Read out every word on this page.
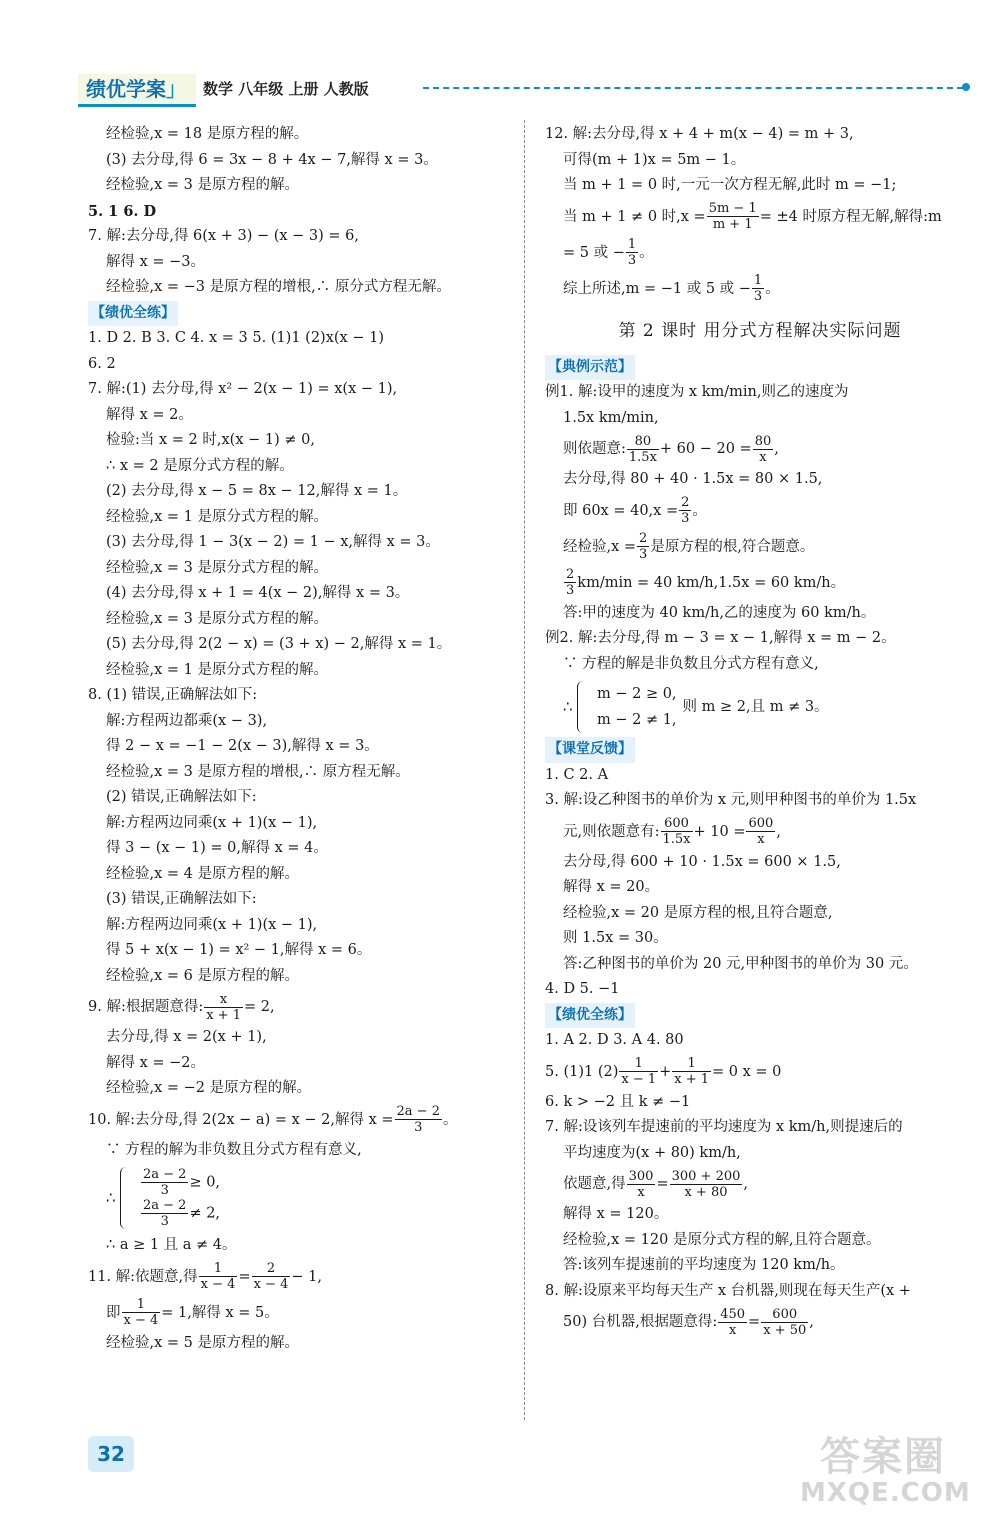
绩优学案」	数学 八年级 上册 人教版
经检验,x = 18 是原方程的解。
(3) 去分母,得 6 = 3x − 8 + 4x − 7,解得 x = 3。
经检验,x = 3 是原方程的解。
5. 1 6. D
7. 解:去分母,得 6(x + 3) − (x − 3) = 6,
解得 x = −3。
经检验,x = −3 是原方程的增根,∴ 原分式方程无解。
【绩优全练】
1. D 2. B 3. C 4. x = 3 5. (1)1 (2)x(x − 1)
6. 2
7. 解:(1) 去分母,得 x² − 2(x − 1) = x(x − 1),
解得 x = 2。
检验:当 x = 2 时,x(x − 1) ≠ 0,
∴ x = 2 是原分式方程的解。
(2) 去分母,得 x − 5 = 8x − 12,解得 x = 1。
经检验,x = 1 是原分式方程的解。
(3) 去分母,得 1 − 3(x − 2) = 1 − x,解得 x = 3。
经检验,x = 3 是原分式方程的解。
(4) 去分母,得 x + 1 = 4(x − 2),解得 x = 3。
经检验,x = 3 是原分式方程的解。
(5) 去分母,得 2(2 − x) = (3 + x) − 2,解得 x = 1。
经检验,x = 1 是原分式方程的解。
8. (1) 错误,正确解法如下:
解:方程两边都乘(x − 3),
得 2 − x = −1 − 2(x − 3),解得 x = 3。
经检验,x = 3 是原方程的增根,∴ 原方程无解。
(2) 错误,正确解法如下:
解:方程两边同乘(x + 1)(x − 1),
得 3 − (x − 1) = 0,解得 x = 4。
经检验,x = 4 是原方程的解。
(3) 错误,正确解法如下:
解:方程两边同乘(x + 1)(x − 1),
得 5 + x(x − 1) = x² − 1,解得 x = 6。
经检验,x = 6 是原方程的解。
9. 解:根据题意得: $\frac{x}{x + 1} = 2$,
去分母,得 x = 2(x + 1),
解得 x = −2。
经检验,x = −2 是原方程的解。
10. 解:去分母,得 2(2x − a) = x − 2,解得 $x = \frac{2a - 2}{3}$ 。
∵ 方程的解为非负数且分式方程有意义,
∴ $\frac{2a - 2}{3} \ge 0$,
$\frac{2a - 2}{3} \ne 2$,
∴ a ≥ 1 且 a ≠ 4。
11. 解:依题意,得 $\frac{1}{x - 4} = \frac{2}{x - 4} - 1$,
即 $\frac{1}{x - 4} = 1$,解得 x = 5。
经检验,x = 5 是原方程的解。
12. 解:去分母,得 x + 4 + m(x − 4) = m + 3,
可得(m + 1)x = 5m − 1。
当 m + 1 = 0 时,一元一次方程无解,此时 m = −1;
当 m + 1 ≠ 0 时$,x = \frac{5m - 1}{m + 1} = \pm 4$ 时原方程无解,解得:m
= 5 或 − $\frac{1}{3}$ 。
综上所述,m = −1 或 5 或 − $\frac{1}{3}$ 。
第 2 课时 用分式方程解决实际问题
【典例示范】
例1. 解:设甲的速度为 x km/min,则乙的速度为
1.5x km/min,
则依题意: $\frac{80}{1.5x} + 60 - 20 = \frac{80}{x}$ ,
去分母,得 80 + 40 · 1.5x = 80 × 1.5,
即 $60x = 40,x = \frac{2}{3}$ 。
经检验$,x = \frac{2}{3}$ 是原方程的根,符合题意。
$\frac{2}{3} km/\min = 40$ km/h,1.5x = 60 km/h。
答:甲的速度为 40 km/h,乙的速度为 60 km/h。
例2. 解:去分母,得 m − 3 = x − 1,解得 x = m − 2。
∵ 方程的解是非负数且分式方程有意义,
∴
m − 2 ≥ 0,
m − 2 ≠ 1,
则 m ≥ 2,且 m ≠ 3。
【课堂反馈】
1. C 2. A
3. 解:设乙种图书的单价为 x 元,则甲种图书的单价为 1.5x
元,则依题意有: $\frac{600}{1.5x} + 10 = \frac{600}{x}$ ,
去分母,得 600 + 10 · 1.5x = 600 × 1.5,
解得 x = 20。
经检验,x = 20 是原方程的根,且符合题意,
则 1.5x = 30。
答:乙种图书的单价为 20 元,甲种图书的单价为 30 元。
4. D 5. −1
【绩优全练】
1. A 2. D 3. A 4. 80
5. (1)1 $(2) \frac{1}{x - 1} + \frac{1}{x + 1} = 0$ x = 0
6. k > −2 且 k ≠ −1
7. 解:设该列车提速前的平均速度为 x km/h,则提速后的
平均速度为(x + 80) km/h,
依题意,得 $\frac{300}{x} = \frac{300 + 200}{x + 80}$ ,
解得 x = 120。
经检验,x = 120 是原分式方程的解,且符合题意。
答:该列车提速前的平均速度为 120 km/h。
8. 解:设原来平均每天生产 x 台机器,则现在每天生产(x +
50) 台机器,根据题意得: $\frac{450}{x} = \frac{600}{x + 50}$ ,
32	答案圈
MXQE.COM
